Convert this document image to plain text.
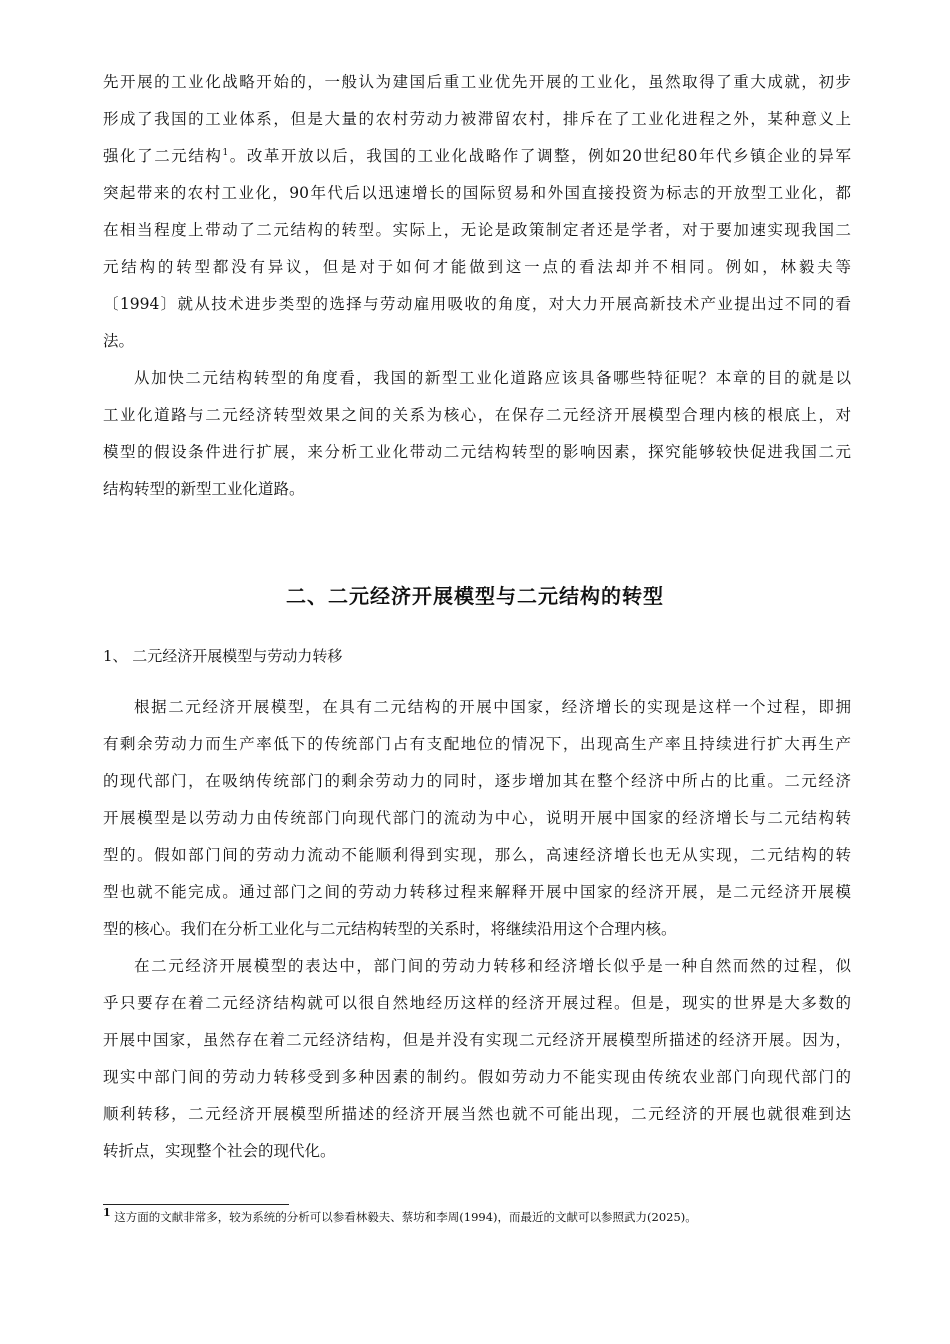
先开展的工业化战略开始的，一般认为建国后重工业优先开展的工业化，虽然取得了重大成就，初步
形成了我国的工业体系，但是大量的农村劳动力被滞留农村，排斥在了工业化进程之外，某种意义上
强化了二元结构$^1$。改革开放以后，我国的工业化战略作了调整，例如20世纪80年代乡镇企业的异军
突起带来的农村工业化，90年代后以迅速增长的国际贸易和外国直接投资为标志的开放型工业化，都
在相当程度上带动了二元结构的转型。实际上，无论是政策制定者还是学者，对于要加速实现我国二
元结构的转型都没有异议，但是对于如何才能做到这一点的看法却并不相同。例如，林毅夫等
〔1994〕就从技术进步类型的选择与劳动雇用吸收的角度，对大力开展高新技术产业提出过不同的看
法。
从加快二元结构转型的角度看，我国的新型工业化道路应该具备哪些特征呢？本章的目的就是以
工业化道路与二元经济转型效果之间的关系为核心，在保存二元经济开展模型合理内核的根底上，对
模型的假设条件进行扩展，来分析工业化带动二元结构转型的影响因素，探究能够较快促进我国二元
结构转型的新型工业化道路。
二、二元经济开展模型与二元结构的转型
1、 二元经济开展模型与劳动力转移
根据二元经济开展模型，在具有二元结构的开展中国家，经济增长的实现是这样一个过程，即拥
有剩余劳动力而生产率低下的传统部门占有支配地位的情况下，出现高生产率且持续进行扩大再生产
的现代部门，在吸纳传统部门的剩余劳动力的同时，逐步增加其在整个经济中所占的比重。二元经济
开展模型是以劳动力由传统部门向现代部门的流动为中心，说明开展中国家的经济增长与二元结构转
型的。假如部门间的劳动力流动不能顺利得到实现，那么，高速经济增长也无从实现，二元结构的转
型也就不能完成。通过部门之间的劳动力转移过程来解释开展中国家的经济开展，是二元经济开展模
型的核心。我们在分析工业化与二元结构转型的关系时，将继续沿用这个合理内核。
在二元经济开展模型的表达中，部门间的劳动力转移和经济增长似乎是一种自然而然的过程，似
乎只要存在着二元经济结构就可以很自然地经历这样的经济开展过程。但是，现实的世界是大多数的
开展中国家，虽然存在着二元经济结构，但是并没有实现二元经济开展模型所描述的经济开展。因为，
现实中部门间的劳动力转移受到多种因素的制约。假如劳动力不能实现由传统农业部门向现代部门的
顺利转移，二元经济开展模型所描述的经济开展当然也就不可能出现，二元经济的开展也就很难到达
转折点，实现整个社会的现代化。
1 这方面的文献非常多，较为系统的分析可以参看林毅夫、蔡坊和李周(1994)，而最近的文献可以参照武力(2025)。
